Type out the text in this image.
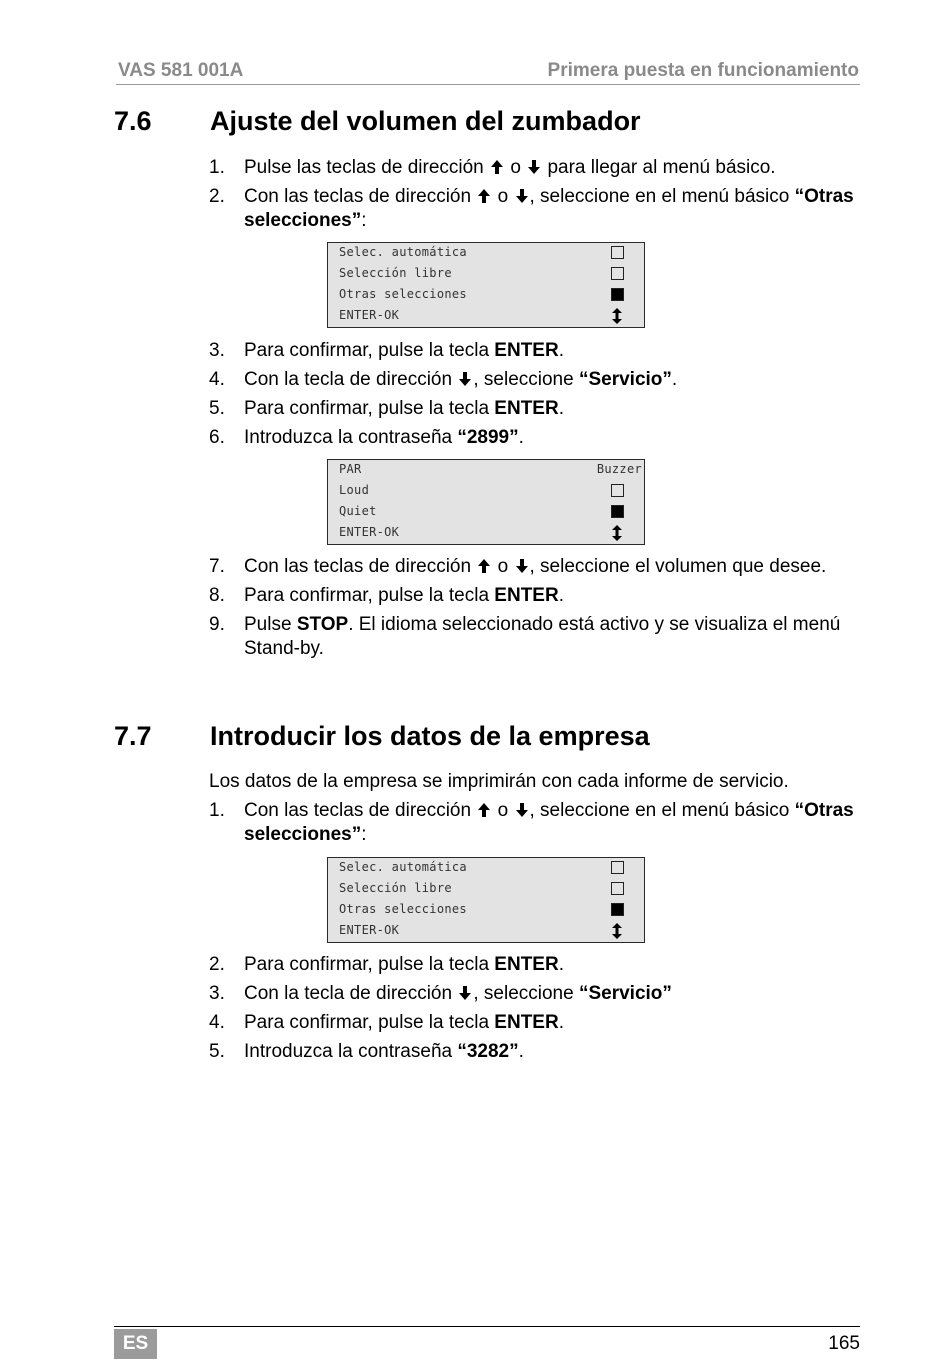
VAS 581 001A	Primera puesta en funcionamiento
7.6 Ajuste del volumen del zumbador
1. Pulse las teclas de dirección o para llegar al menú básico.
2. Con las teclas de dirección o , seleccione en el menú básico “Otras selecciones”:
Selec. automática
Selección libre
Otras selecciones
ENTER-OK
3. Para confirmar, pulse la tecla ENTER.
4. Con la tecla de dirección , seleccione “Servicio”.
5. Para confirmar, pulse la tecla ENTER.
6. Introduzca la contraseña “2899”.
PAR	Buzzer
Loud
Quiet
ENTER-OK
7. Con las teclas de dirección o , seleccione el volumen que desee.
8. Para confirmar, pulse la tecla ENTER.
9. Pulse STOP. El idioma seleccionado está activo y se visualiza el menú Stand-by.
7.7 Introducir los datos de la empresa
Los datos de la empresa se imprimirán con cada informe de servicio.
1. Con las teclas de dirección o , seleccione en el menú básico “Otras selecciones”:
Selec. automática
Selección libre
Otras selecciones
ENTER-OK
2. Para confirmar, pulse la tecla ENTER.
3. Con la tecla de dirección , seleccione “Servicio”
4. Para confirmar, pulse la tecla ENTER.
5. Introduzca la contraseña “3282”.
ES	165
